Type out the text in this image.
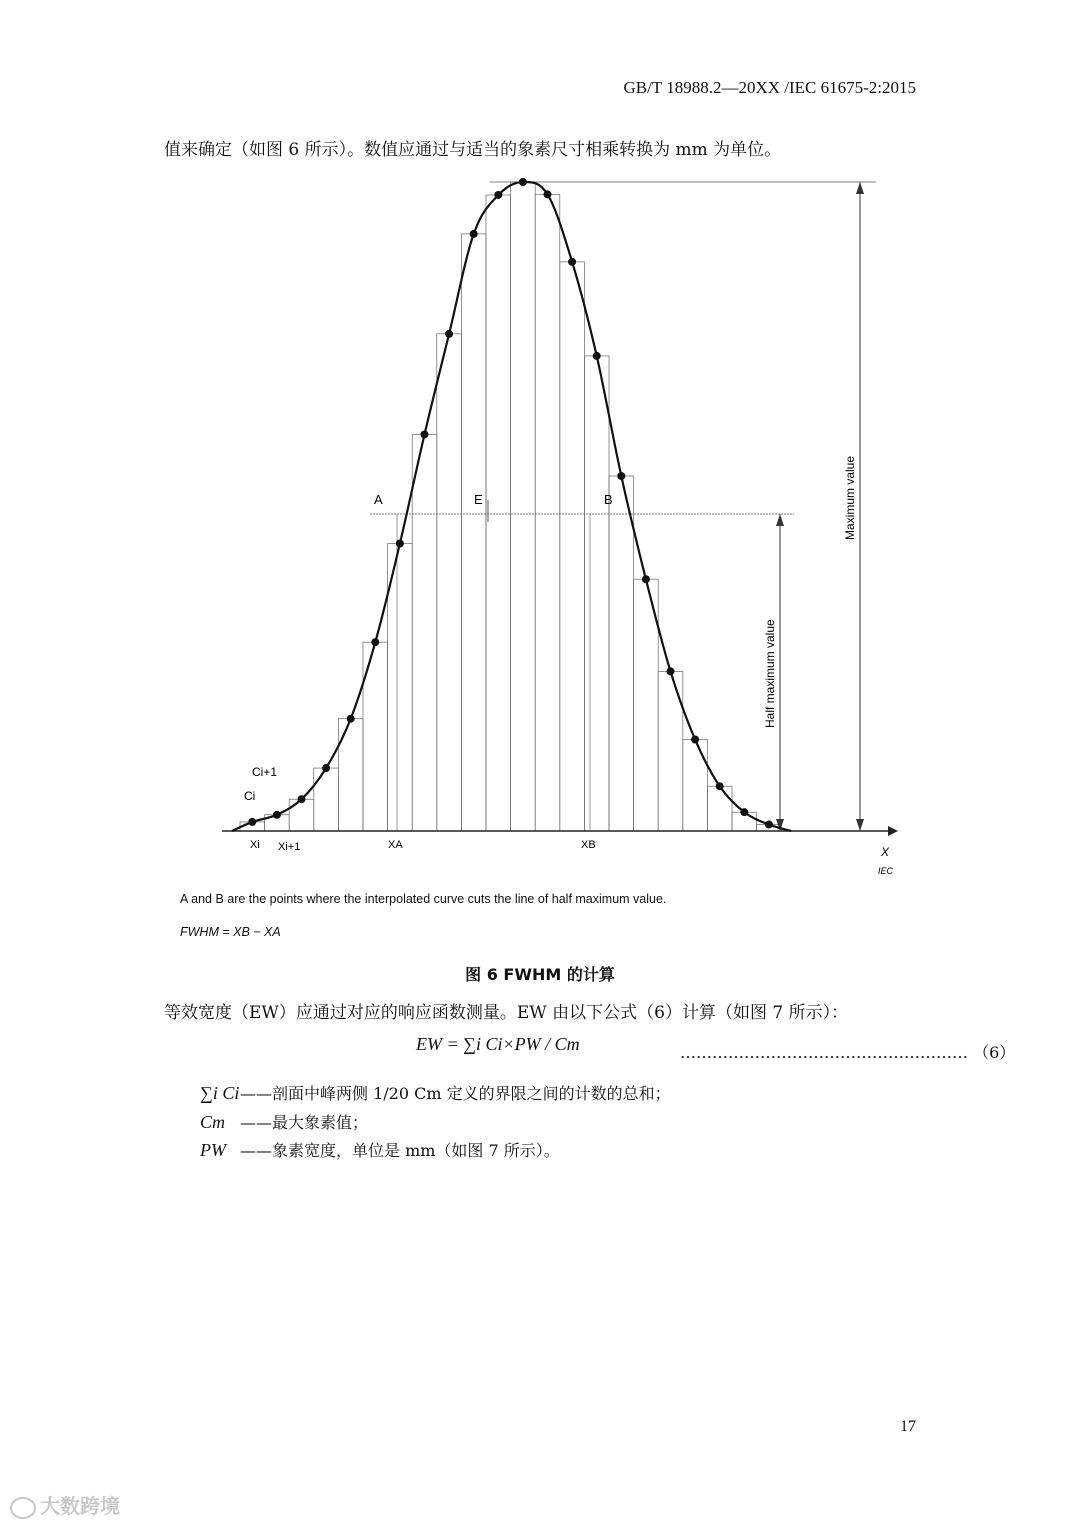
GB/T 18988.2—20XX /IEC 61675-2:2015
值来确定（如图 6 所示）。数值应通过与适当的象素尺寸相乘转换为 mm 为单位。
A	E	B
Ci+1
Ci
Xi Xi+1	XA	XB	X
IEC
Maximum value
Half maximum value
A and B are the points where the interpolated curve cuts the line of half maximum value.
FWHM = XB − XA
图 6 FWHM 的计算
等效宽度（EW）应通过对应的响应函数测量。EW 由以下公式（6）计算（如图 7 所示）：
EW = ∑i Ci×PW / Cm	……………………………………………… （6）
∑i Ci——剖面中峰两侧 1/20 Cm 定义的界限之间的计数的总和；
Cm ——最大象素值；
PW ——象素宽度，单位是 mm（如图 7 所示）。
17
大数跨境
